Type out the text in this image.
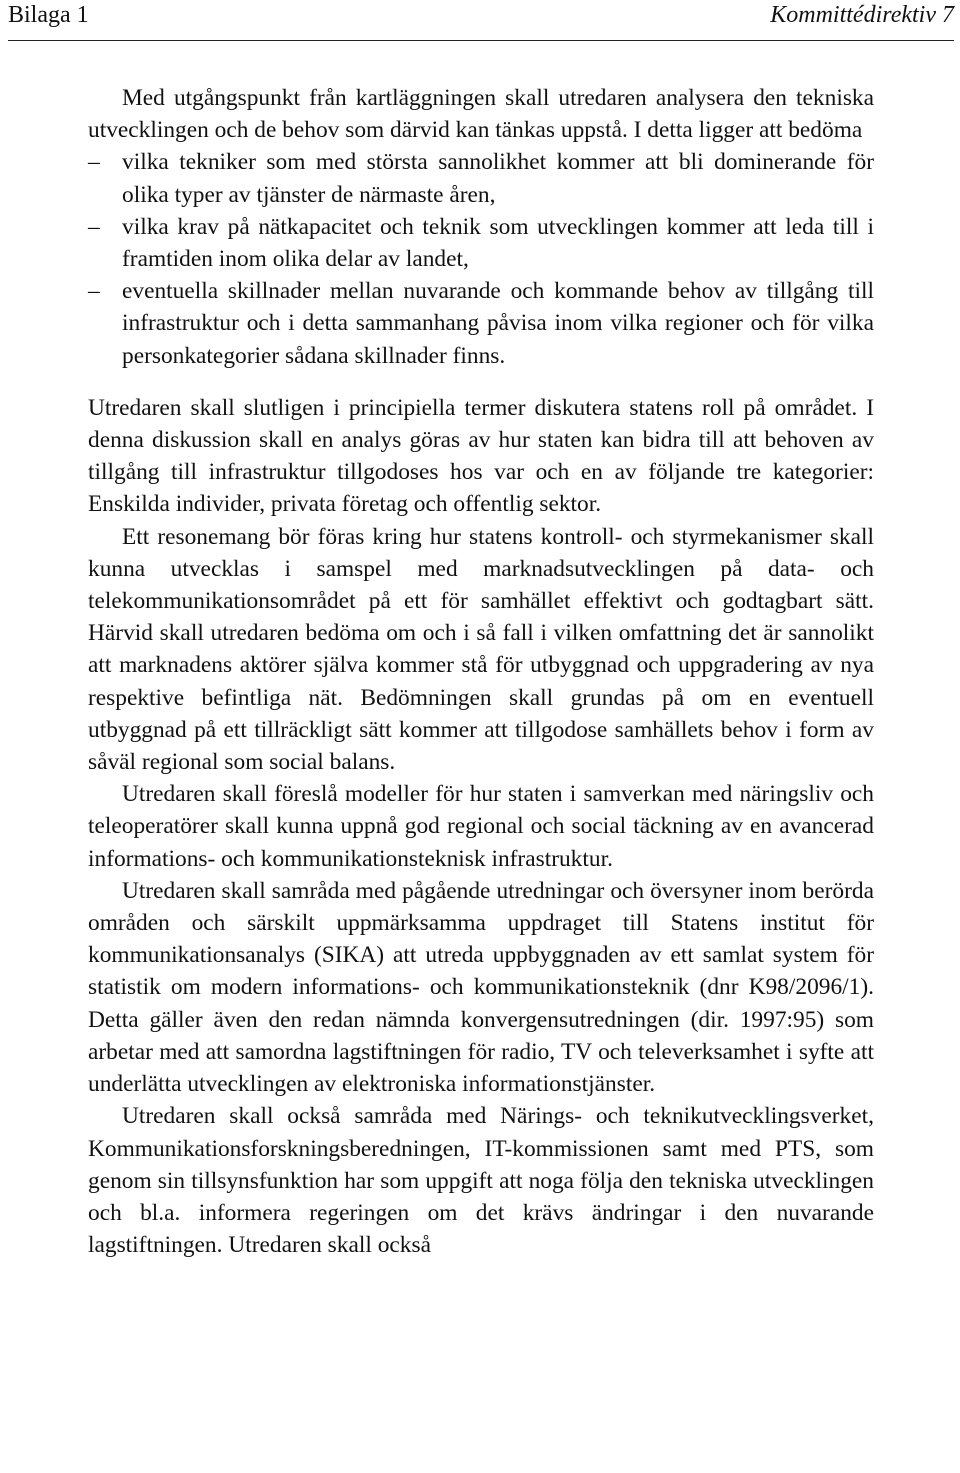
Bilaga 1	Kommittédirektiv 7

Med utgångspunkt från kartläggningen skall utredaren analysera den tekniska utvecklingen och de behov som därvid kan tänkas uppstå. I detta ligger att bedöma

– vilka tekniker som med största sannolikhet kommer att bli dominerande för olika typer av tjänster de närmaste åren,
– vilka krav på nätkapacitet och teknik som utvecklingen kommer att leda till i framtiden inom olika delar av landet,
– eventuella skillnader mellan nuvarande och kommande behov av tillgång till infrastruktur och i detta sammanhang påvisa inom vilka regioner och för vilka personkategorier sådana skillnader finns.

Utredaren skall slutligen i principiella termer diskutera statens roll på området. I denna diskussion skall en analys göras av hur staten kan bidra till att behoven av tillgång till infrastruktur tillgodoses hos var och en av följande tre kategorier: Enskilda individer, privata företag och offentlig sektor.

Ett resonemang bör föras kring hur statens kontroll- och styrmekanismer skall kunna utvecklas i samspel med marknadsutvecklingen på data- och telekommunikationsområdet på ett för samhället effektivt och godtagbart sätt. Härvid skall utredaren bedöma om och i så fall i vilken omfattning det är sannolikt att marknadens aktörer själva kommer stå för utbyggnad och uppgradering av nya respektive befintliga nät. Bedömningen skall grundas på om en eventuell utbyggnad på ett tillräckligt sätt kommer att tillgodose samhällets behov i form av såväl regional som social balans.

Utredaren skall föreslå modeller för hur staten i samverkan med näringsliv och teleoperatörer skall kunna uppnå god regional och social täckning av en avancerad informations- och kommunikationsteknisk infrastruktur.

Utredaren skall samråda med pågående utredningar och översyner inom berörda områden och särskilt uppmärksamma uppdraget till Statens institut för kommunikationsanalys (SIKA) att utreda uppbyggnaden av ett samlat system för statistik om modern informations- och kommunikationsteknik (dnr K98/2096/1). Detta gäller även den redan nämnda konvergensutredningen (dir. 1997:95) som arbetar med att samordna lagstiftningen för radio, TV och televerksamhet i syfte att underlätta utvecklingen av elektroniska informationstjänster.

Utredaren skall också samråda med Närings- och teknikutvecklingsverket, Kommunikationsforskningsberedningen, IT-kommissionen samt med PTS, som genom sin tillsynsfunktion har som uppgift att noga följa den tekniska utvecklingen och bl.a. informera regeringen om det krävs ändringar i den nuvarande lagstiftningen. Utredaren skall också
